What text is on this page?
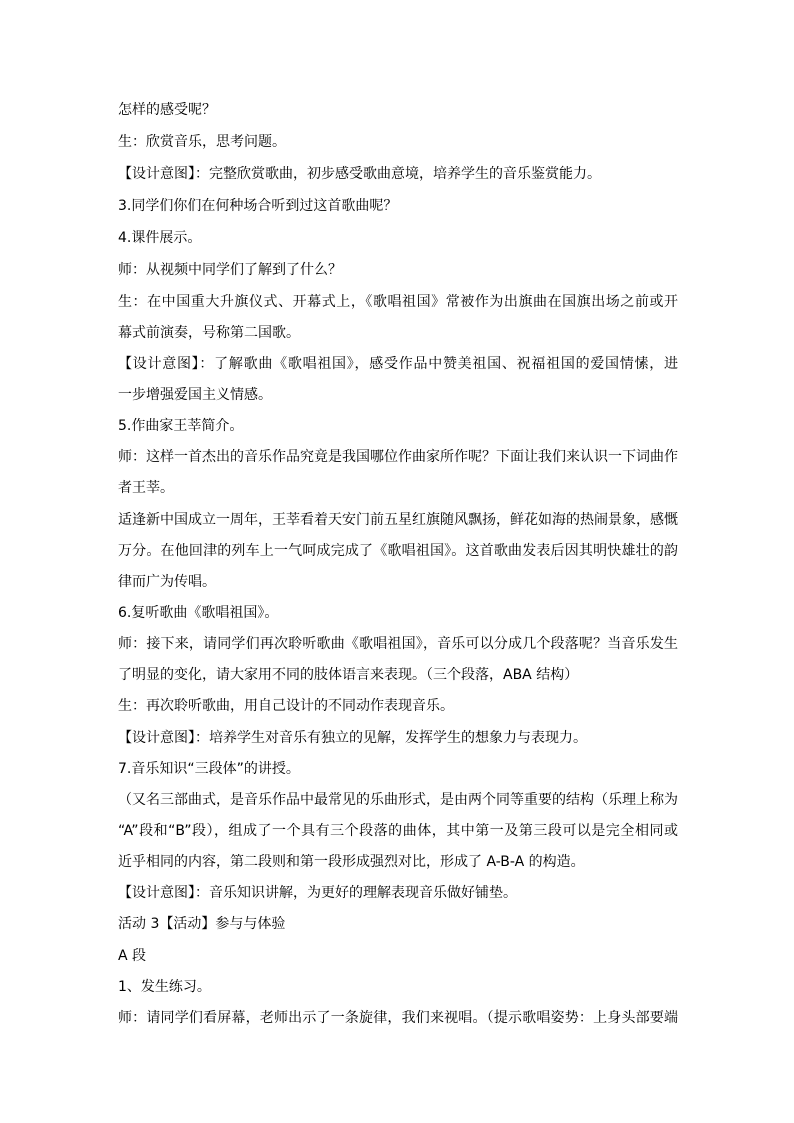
怎样的感受呢？
生：欣赏音乐，思考问题。
【设计意图】：完整欣赏歌曲，初步感受歌曲意境，培养学生的音乐鉴赏能力。
3.同学们你们在何种场合听到过这首歌曲呢？
4.课件展示。
师：从视频中同学们了解到了什么？
生：在中国重大升旗仪式、开幕式上，《歌唱祖国》常被作为出旗曲在国旗出场之前或开
幕式前演奏，号称第二国歌。
【设计意图】：了解歌曲《歌唱祖国》，感受作品中赞美祖国、祝福祖国的爱国情愫，进
一步增强爱国主义情感。
5.作曲家王莘简介。
师：这样一首杰出的音乐作品究竟是我国哪位作曲家所作呢？下面让我们来认识一下词曲作
者王莘。
适逢新中国成立一周年，王莘看着天安门前五星红旗随风飘扬，鲜花如海的热闹景象，感慨
万分。在他回津的列车上一气呵成完成了《歌唱祖国》。这首歌曲发表后因其明快雄壮的韵
律而广为传唱。
6.复听歌曲《歌唱祖国》。
师：接下来，请同学们再次聆听歌曲《歌唱祖国》，音乐可以分成几个段落呢？当音乐发生
了明显的变化，请大家用不同的肢体语言来表现。（三个段落，ABA 结构）
生：再次聆听歌曲，用自己设计的不同动作表现音乐。
【设计意图】：培养学生对音乐有独立的见解，发挥学生的想象力与表现力。
7.音乐知识“三段体”的讲授。
（又名三部曲式，是音乐作品中最常见的乐曲形式，是由两个同等重要的结构（乐理上称为
“A”段和“B”段），组成了一个具有三个段落的曲体，其中第一及第三段可以是完全相同或
近乎相同的内容，第二段则和第一段形成强烈对比，形成了 A-B-A 的构造。
【设计意图】：音乐知识讲解，为更好的理解表现音乐做好铺垫。
活动 3【活动】参与与体验
A 段
1、发生练习。
师：请同学们看屏幕，老师出示了一条旋律，我们来视唱。（提示歌唱姿势：上身头部要端
